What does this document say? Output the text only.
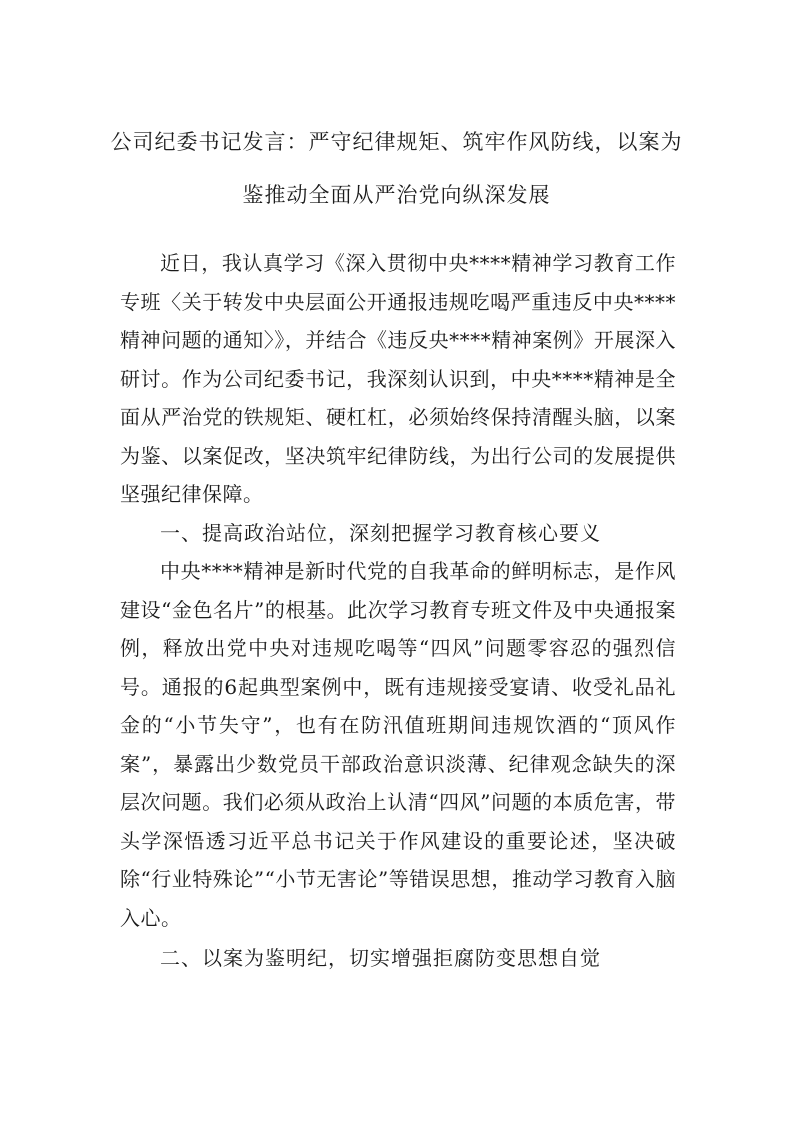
公司纪委书记发言：严守纪律规矩、筑牢作风防线，以案为
鉴推动全面从严治党向纵深发展

近日，我认真学习《深入贯彻中央****精神学习教育工作专班〈关于转发中央层面公开通报违规吃喝严重违反中央****精神问题的通知〉》，并结合《违反央****精神案例》开展深入研讨。作为公司纪委书记，我深刻认识到，中央****精神是全面从严治党的铁规矩、硬杠杠，必须始终保持清醒头脑，以案为鉴、以案促改，坚决筑牢纪律防线，为出行公司的发展提供坚强纪律保障。

一、提高政治站位，深刻把握学习教育核心要义

中央****精神是新时代党的自我革命的鲜明标志，是作风建设“金色名片”的根基。此次学习教育专班文件及中央通报案例，释放出党中央对违规吃喝等“四风”问题零容忍的强烈信号。通报的6起典型案例中，既有违规接受宴请、收受礼品礼金的“小节失守”，也有在防汛值班期间违规饮酒的“顶风作案”，暴露出少数党员干部政治意识淡薄、纪律观念缺失的深层次问题。我们必须从政治上认清“四风”问题的本质危害，带头学深悟透习近平总书记关于作风建设的重要论述，坚决破除“行业特殊论”“小节无害论”等错误思想，推动学习教育入脑入心。

二、以案为鉴明纪，切实增强拒腐防变思想自觉
